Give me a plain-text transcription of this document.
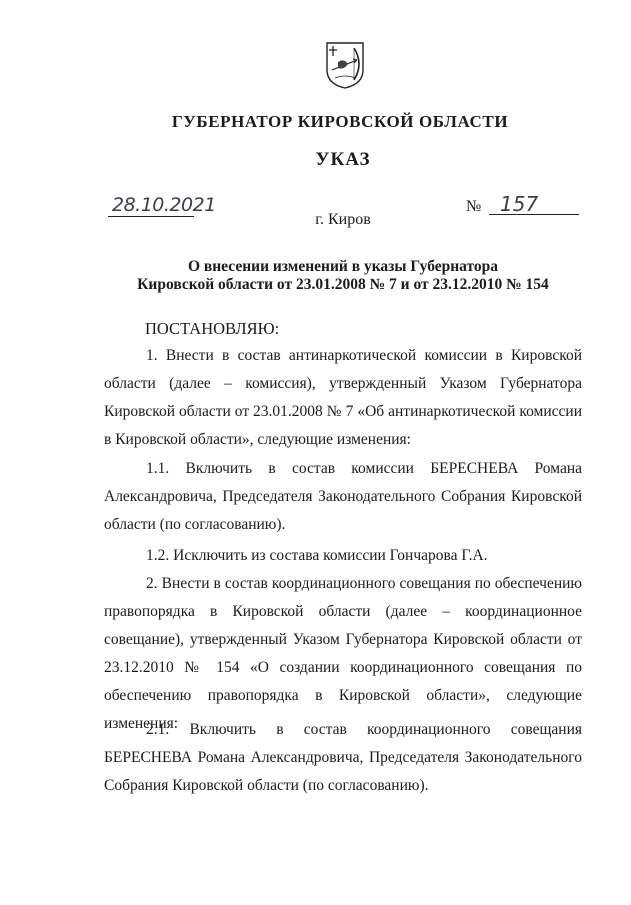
ГУБЕРНАТОР КИРОВСКОЙ ОБЛАСТИ
УКАЗ
28.10.2021	№ 157
г. Киров
О внесении изменений в указы Губернатора
Кировской области от 23.01.2008 № 7 и от 23.12.2010 № 154
ПОСТАНОВЛЯЮ:
1. Внести в состав антинаркотической комиссии в Кировской области (далее – комиссия), утвержденный Указом Губернатора Кировской области от 23.01.2008 № 7 «Об антинаркотической комиссии в Кировской области», следующие изменения:
1.1. Включить в состав комиссии БЕРЕСНЕВА Романа Александровича, Председателя Законодательного Собрания Кировской области (по согласованию).
1.2. Исключить из состава комиссии Гончарова Г.А.
2. Внести в состав координационного совещания по обеспечению правопорядка в Кировской области (далее – координационное совещание), утвержденный Указом Губернатора Кировской области от 23.12.2010 № 154 «О создании координационного совещания по обеспечению правопорядка в Кировской области», следующие изменения:
2.1. Включить в состав координационного совещания БЕРЕСНЕВА Романа Александровича, Председателя Законодательного Собрания Кировской области (по согласованию).
